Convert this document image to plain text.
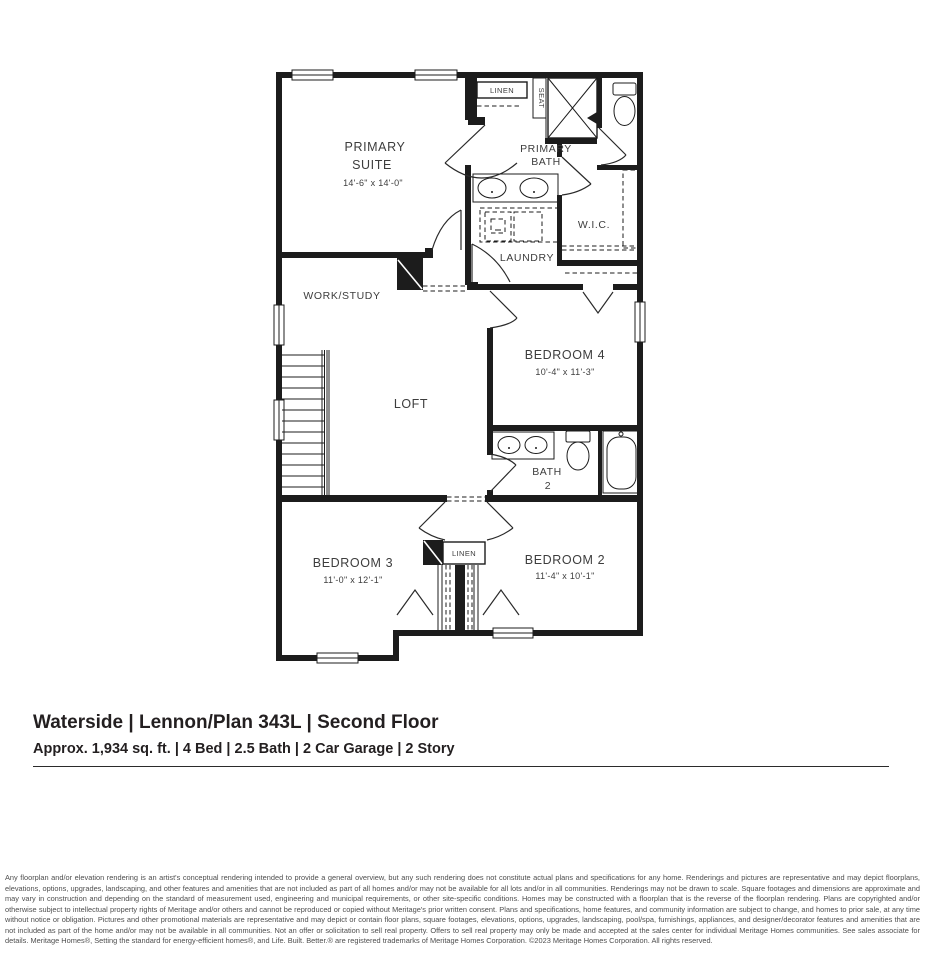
PRIMARY
SUITE
14'-6" x 14'-0"
PRIMARY
BATH
LINEN	SEAT
W.I.C.
LAUNDRY
WORK/STUDY
LOFT
BEDROOM 4
10'-4" x 11'-3"
BATH
2
BEDROOM 3
11'-0" x 12'-1"
LINEN	BEDROOM 2
11'-4" x 10'-1"
Waterside | Lennon/Plan 343L | Second Floor
Approx. 1,934 sq. ft. | 4 Bed | 2.5 Bath | 2 Car Garage | 2 Story

Any floorplan and/or elevation rendering is an artist's conceptual rendering intended to provide a general overview, but any such rendering does not constitute actual plans and specifications for any home. Renderings and pictures are representative and may depict floorplans, elevations, options, upgrades, landscaping, and other features and amenities that are not included as part of all homes and/or may not be available for all lots and/or in all communities. Renderings may not be drawn to scale. Square footages and dimensions are approximate and may vary in construction and depending on the standard of measurement used, engineering and municipal requirements, or other site-specific conditions. Homes may be constructed with a floorplan that is the reverse of the floorplan rendering. Plans are copyrighted and/or otherwise subject to intellectual property rights of Meritage and/or others and cannot be reproduced or copied without Meritage's prior written consent. Plans and specifications, home features, and community information are subject to change, and homes to prior sale, at any time without notice or obligation. Pictures and other promotional materials are representative and may depict or contain floor plans, square footages, elevations, options, upgrades, landscaping, pool/spa, furnishings, appliances, and designer/decorator features and amenities that are not included as part of the home and/or may not be available in all communities. Not an offer or solicitation to sell real property. Offers to sell real property may only be made and accepted at the sales center for individual Meritage Homes communities. See sales associate for details. Meritage Homes®, Setting the standard for energy-efficient homes®, and Life. Built. Better.® are registered trademarks of Meritage Homes Corporation. ©2023 Meritage Homes Corporation. All rights reserved.
